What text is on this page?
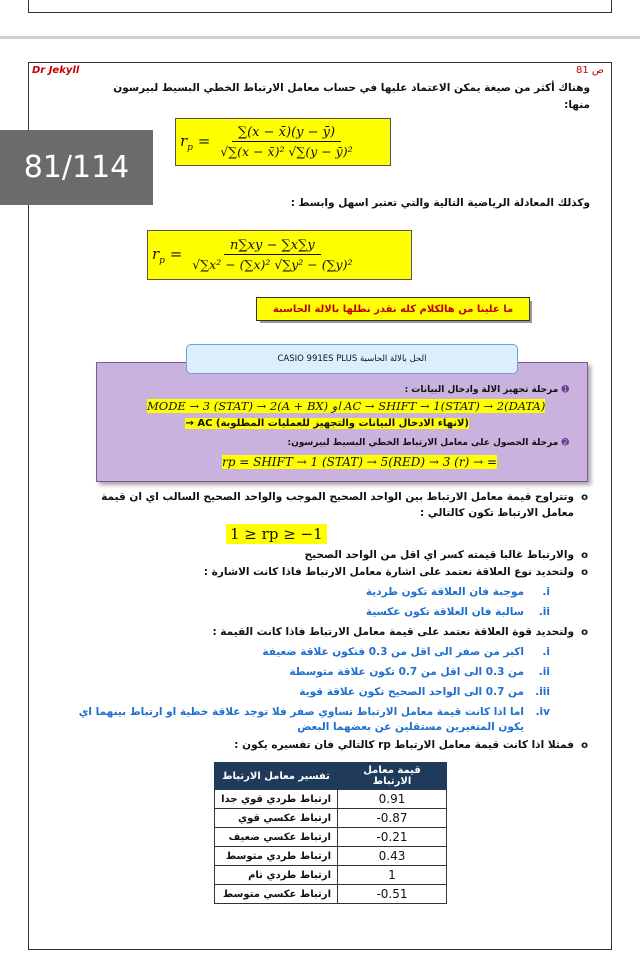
Dr Jekyll	ص 81
وهناك أكثر من صيغة يمكن الاعتماد عليها في حساب معامل الارتباط الخطي البسيط لبيرسون
منها:
$r_p = \frac{\sum(x - x̄)(y - ȳ)}{\text{√∑(x − x̄)² √∑(y − ȳ)²}}$
81/114
وكذلك المعادلة الرياضية التالية والتي تعتبر اسهل وابسط :
$r_p = \frac{n\sum xy - \sum x\sum y}{\text{√∑x² − (∑x)² √∑y² − (∑y)²}}$
ما علينا من هالكلام كله نقدر نطلها بالالة الحاسبة
➊ مرحلة تجهيز الالة وادخال البيانات :
MODE → 3 (STAT) → 2(A + BX) او AC → SHIFT → 1(STAT) → 2(DATA)
(لانهاء الادخال البيانات والتجهيز للعمليات المطلوبة) AC →
➋ مرحلة الحصول على معامل الارتباط الخطي البسيط لبيرسون:
rp = SHIFT → 1 (STAT) → 5(RED) → 3 (r) → =
الحل بالالة الحاسبة CASIO 991ES PLUS
o
وتتراوح قيمة معامل الارتباط بين الواحد الصحيح الموجب والواحد الصحيح السالب اي ان قيمة
معامل الارتباط تكون كالتالي :
1 ≥ rp ≥ −1
o
والارتباط غالبا قيمته كسر اي اقل من الواحد الصحيح
o
ولتحديد نوع العلاقة نعتمد على اشارة معامل الارتباط فاذا كانت الاشارة :
i.موجبة فان العلاقة تكون طردية
ii.سالبة فان العلاقة تكون عكسية
o
ولتحديد قوة العلاقة نعتمد على قيمة معامل الارتباط فاذا كانت القيمة :
i.اكبر من صفر الى اقل من 0.3 فتكون علاقة ضعيفة
ii.من 0.3 الى اقل من 0.7 تكون علاقة متوسطة
iii.من 0.7 الى الواحد الصحيح تكون علاقة قوية
iv.اما اذا كانت قيمة معامل الارتباط تساوي صفر فلا توجد علاقة خطية او ارتباط بينهما اي
يكون المتغيرين مستقلين عن بعضهما البعض
o
فمثلا اذا كانت قيمة معامل الارتباط rp كالتالي فان تفسيره يكون :
قيمة معامل الارتباط	تفسير معامل الارتباط
0.91	ارتباط طردي قوي جدا
-0.87	ارتباط عكسي قوي
-0.21	ارتباط عكسي ضعيف
0.43	ارتباط طردي متوسط
1	ارتباط طردي تام
-0.51	ارتباط عكسي متوسط
